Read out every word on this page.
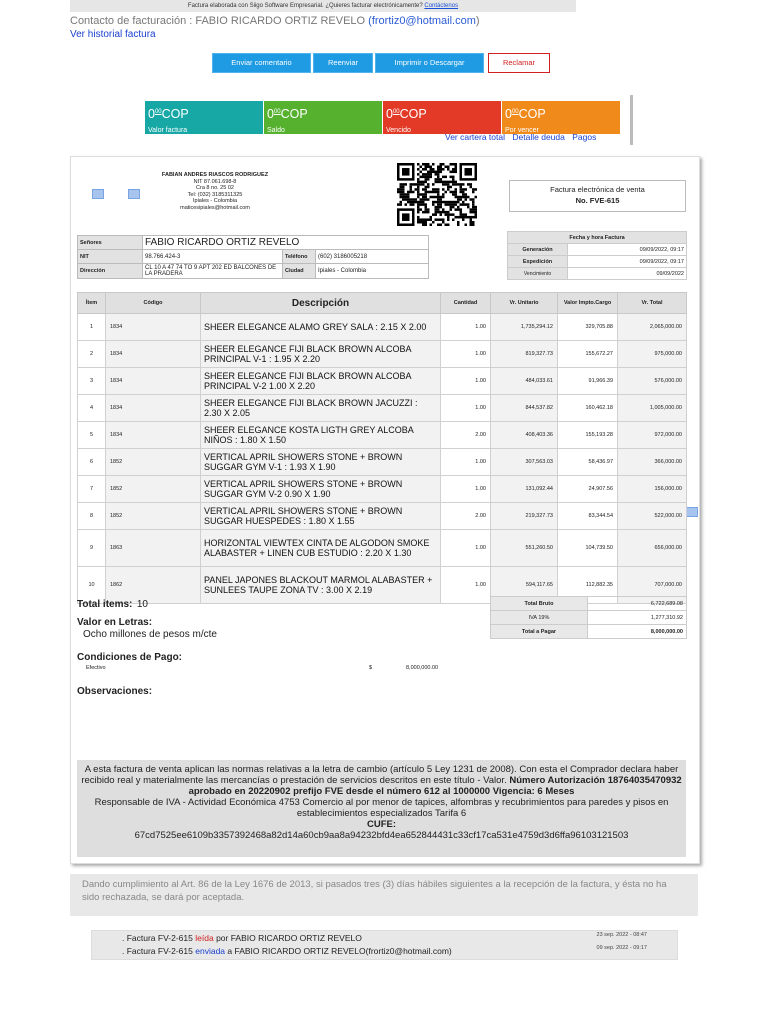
Factura elaborada con Siigo Software Empresarial. ¿Quieres facturar electrónicamente? Contáctenos
Contacto de facturación : FABIO RICARDO ORTIZ REVELO (frortiz0@hotmail.com)
Ver historial factura
Enviar comentario	Reenviar	Imprimir o Descargar	Reclamar
$0^{00}COP$
Valor factura
$0^{00}COP$
Saldo
$0^{00}COP$
Vencido
$0^{00}COP$
Por vencer
Ver cartera total Detalle deuda Pagos
FABIAN ANDRES RIASCOS RODRIGUEZ
NIT 87.061.698-8
Cra 8 no. 25 02
Tel: (032) 3185311325
Ipiales - Colombia
maticesipiales@hotmail.com
Factura electrónica de venta
No. FVE-615
Señores	FABIO RICARDO ORTIZ REVELO		
NIT	98.766.424-3	Teléfono	(602) 3186005218
Dirección	CL 10 A 47 74 TO 9 APT 202 ED BALCONES DE LA PRADERA	Ciudad	Ipiales - Colombia
Fecha y hora Factura	
Generación	09/09/2022, 09:17
Expedición	09/09/2022, 09:17
Vencimiento	09/09/2022
Ítem	Código	Descripción	Cantidad	Vr. Unitario	Valor Impto.Cargo	Vr. Total
1	1834	SHEER ELEGANCE ALAMO GREY SALA : 2.15 X 2.00	1.00	1,735,294.12	329,705.88	2,065,000.00
2	1834	SHEER ELEGANCE FIJI BLACK BROWN ALCOBA PRINCIPAL V-1 : 1.95 X 2.20	1.00	819,327.73	155,672.27	975,000.00
3	1834	SHEER ELEGANCE FIJI BLACK BROWN ALCOBA PRINCIPAL V-2 1.00 X 2.20	1.00	484,033.61	91,966.39	576,000.00
4	1834	SHEER ELEGANCE FIJI BLACK BROWN JACUZZI : 2.30 X 2.05	1.00	844,537.82	160,462.18	1,005,000.00
5	1834	SHEER ELEGANCE KOSTA LIGTH GREY ALCOBA NIÑOS : 1.80 X 1.50	2.00	408,403.36	155,193.28	972,000.00
6	1852	VERTICAL APRIL SHOWERS STONE + BROWN SUGGAR GYM V-1 : 1.93 X 1.90	1.00	307,563.03	58,436.97	366,000.00
7	1852	VERTICAL APRIL SHOWERS STONE + BROWN SUGGAR GYM V-2 0.90 X 1.90	1.00	131,092.44	24,907.56	156,000.00
8	1852	VERTICAL APRIL SHOWERS STONE + BROWN SUGGAR HUESPEDES : 1.80 X 1.55	2.00	219,327.73	83,344.54	522,000.00
9	1863	HORIZONTAL VIEWTEX CINTA DE ALGODON SMOKE ALABASTER + LINEN CUB ESTUDIO : 2.20 X 1.30	1.00	551,260.50	104,739.50	656,000.00
10	1862	PANEL JAPONES BLACKOUT MARMOL ALABASTER + SUNLEES TAUPE ZONA TV : 3.00 X 2.19	1.00	594,117.65	112,882.35	707,000.00
Total items: 10
Valor en Letras:
Ocho millones de pesos m/cte
Condiciones de Pago:
Efectivo	$	8,000,000.00
Observaciones:
Total Bruto	6,722,689.08
IVA 19%	1,277,310.92
Total a Pagar	8,000,000.00
A esta factura de venta aplican las normas relativas a la letra de cambio (artículo 5 Ley 1231 de 2008). Con esta el Comprador declara haber recibido real y materialmente las mercancías o prestación de servicios descritos en este título - Valor. Número Autorización 18764035470932 aprobado en 20220902 prefijo FVE desde el número 612 al 1000000 Vigencia: 6 Meses
Responsable de IVA - Actividad Económica 4753 Comercio al por menor de tapices, alfombras y recubrimientos para paredes y pisos en establecimientos especializados Tarifa 6
CUFE:
67cd7525ee6109b3357392468a82d14a60cb9aa8a94232bfd4ea652844431c33cf17ca531e4759d3d6ffa96103121503
Dando cumplimiento al Art. 86 de la Ley 1676 de 2013, si pasados tres (3) días hábiles siguientes a la recepción de la factura, y ésta no ha sido rechazada, se dará por aceptada.
. Factura FV-2-615 leída por FABIO RICARDO ORTIZ REVELO	23 sep. 2022 - 08:47
. Factura FV-2-615 enviada a FABIO RICARDO ORTIZ REVELO(frortiz0@hotmail.com)	09 sep. 2022 - 09:17
